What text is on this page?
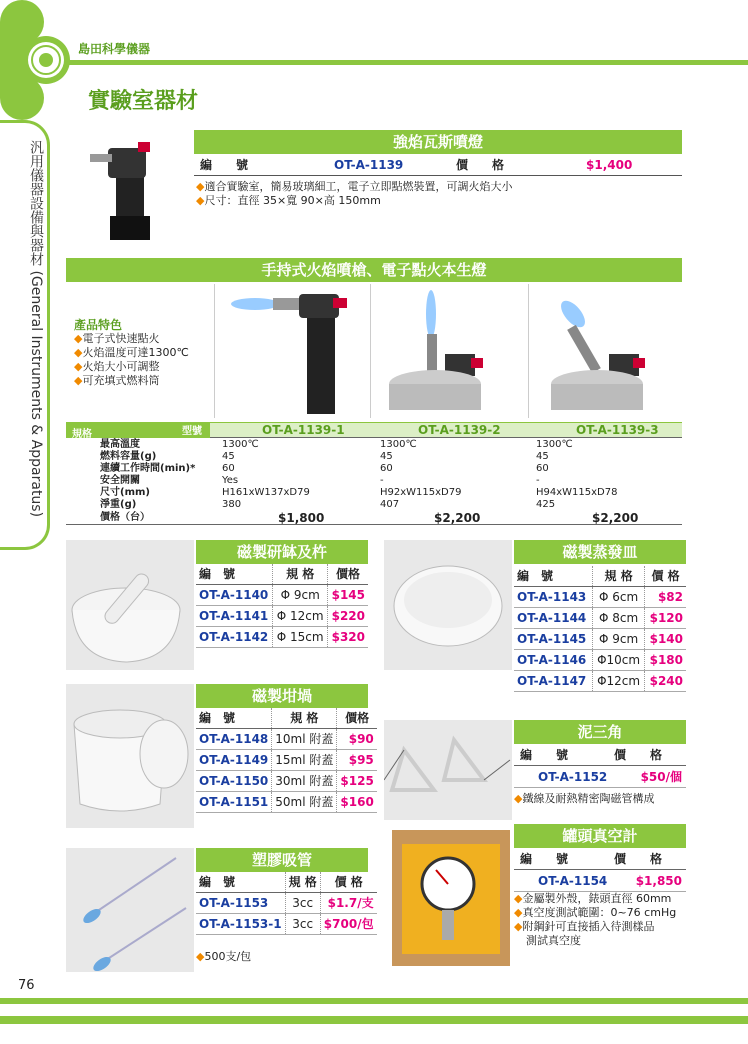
島田科學儀器
實驗室器材
汎用儀器設備與器材 (General Instruments & Apparatus)	強焰瓦斯噴燈
編　　號	OT-A-1139	價　　格	$1,400
◆適合實驗室，簡易玻璃細工，電子立即點燃裝置，可調火焰大小
◆尺寸：直徑 35×寬 90×高 150mm
手持式火焰噴槍、電子點火本生燈
產品特色
◆電子式快速點火
◆火焰溫度可達1300℃
◆火焰大小可調整
◆可充填式燃料筒
規格	型號	OT-A-1139-1	OT-A-1139-2	OT-A-1139-3
最高溫度	1300℃	1300℃	1300℃
燃料容量(g)	45	45	45
連續工作時間(min)*	60	60	60
安全開關	Yes	-	-
尺寸(mm)	H161xW137xD79	H92xW115xD79	H94xW115xD78
淨重(g)	380	407	425
價格（台）	$1,800	$2,200	$2,200
磁製研缽及杵
編　號	規 格	價格
OT-A-1140	Φ 9cm	$145
OT-A-1141	Φ 12cm	$220
OT-A-1142	Φ 15cm	$320
磁製蒸發皿
編　號	規 格	價 格
OT-A-1143	Φ 6cm	$82
OT-A-1144	Φ 8cm	$120
OT-A-1145	Φ 9cm	$140
OT-A-1146	Φ10cm	$180
OT-A-1147	Φ12cm	$240
磁製坩堝
編　號	規 格	價格
OT-A-1148	10ml 附蓋	$90
OT-A-1149	15ml 附蓋	$95
OT-A-1150	30ml 附蓋	$125
OT-A-1151	50ml 附蓋	$160
泥三角
編　　號	價　　格
OT-A-1152	$50/個
◆鐵線及耐熱精密陶磁管構成
塑膠吸管
編　號	規 格	價 格
OT-A-1153	3cc	$1.7/支
OT-A-1153-1	3cc	$700/包
◆500支/包
罐頭真空計
編　　號	價　　格
OT-A-1154 $1,850
◆金屬製外殼，錶頭直徑 60mm
◆真空度測試範圍：0~76 cmHg
◆附鋼針可直接插入待測樣品
測試真空度
76
